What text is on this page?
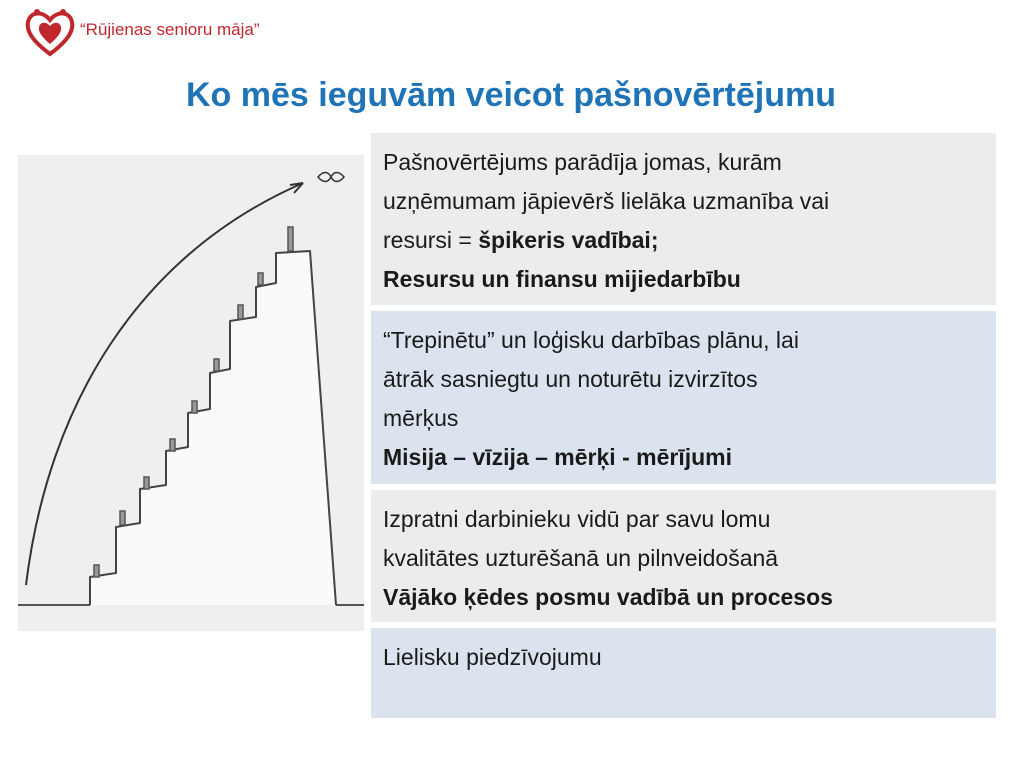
“Rūjienas senioru māja”
Ko mēs ieguvām veicot pašnovērtējumu
Pašnovērtējums parādīja jomas, kurām
uzņēmumam jāpievērš lielāka uzmanība vai
resursi = špikeris vadībai;
Resursu un finansu mijiedarbību
“Trepinētu” un loģisku darbības plānu, lai
ātrāk sasniegtu un noturētu izvirzītos
mērķus
Misija – vīzija – mērķi - mērījumi
Izpratni darbinieku vidū par savu lomu
kvalitātes uzturēšanā un pilnveidošanā
Vājāko ķēdes posmu vadībā un procesos
Lielisku piedzīvojumu
